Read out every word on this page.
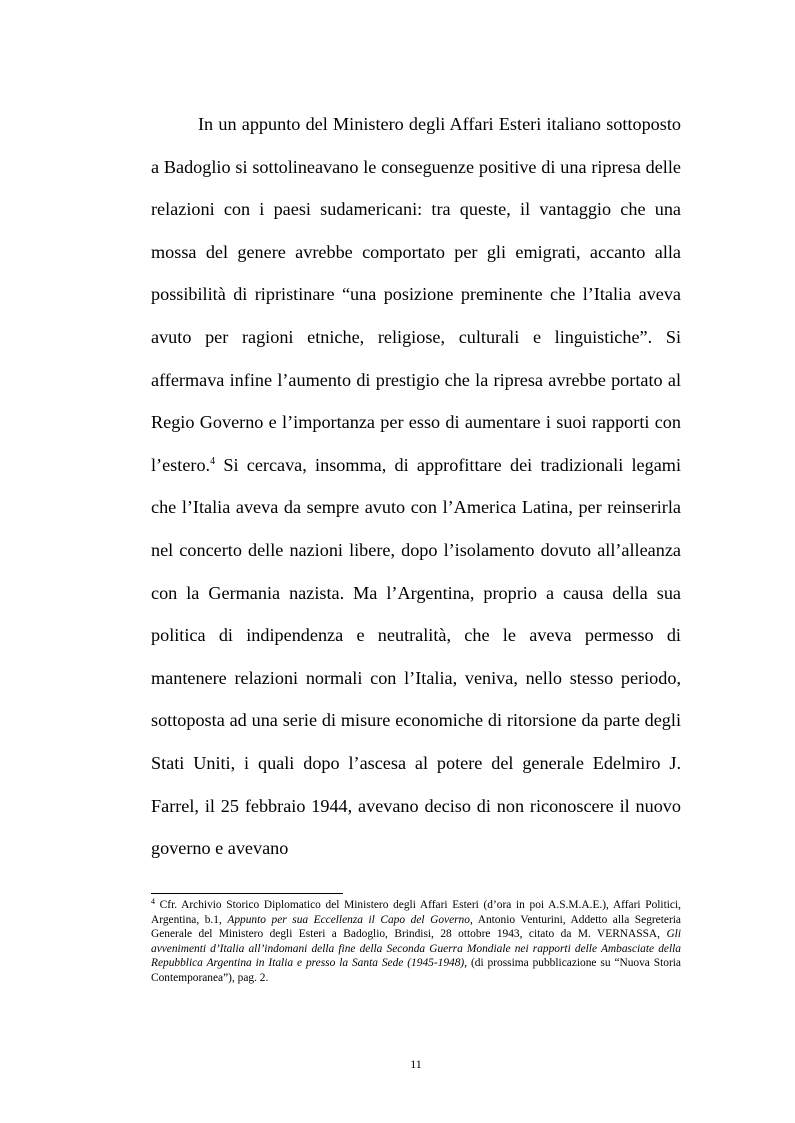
In un appunto del Ministero degli Affari Esteri italiano sottoposto a Badoglio si sottolineavano le conseguenze positive di una ripresa delle relazioni con i paesi sudamericani: tra queste, il vantaggio che una mossa del genere avrebbe comportato per gli emigrati, accanto alla possibilità di ripristinare “una posizione preminente che l’Italia aveva avuto per ragioni etniche, religiose, culturali e linguistiche”. Si affermava infine l’aumento di prestigio che la ripresa avrebbe portato al Regio Governo e l’importanza per esso di aumentare i suoi rapporti con l’estero.$^4$ Si cercava, insomma, di approfittare dei tradizionali legami che l’Italia aveva da sempre avuto con l’America Latina, per reinserirla nel concerto delle nazioni libere, dopo l’isolamento dovuto all’alleanza con la Germania nazista. Ma l’Argentina, proprio a causa della sua politica di indipendenza e neutralità, che le aveva permesso di mantenere relazioni normali con l’Italia, veniva, nello stesso periodo, sottoposta ad una serie di misure economiche di ritorsione da parte degli Stati Uniti, i quali dopo l’ascesa al potere del generale Edelmiro J. Farrel, il 25 febbraio 1944, avevano deciso di non riconoscere il nuovo governo e avevano

$^4$ Cfr. Archivio Storico Diplomatico del Ministero degli Affari Esteri (d’ora in poi A.S.M.A.E.), Affari Politici, Argentina, b.1, Appunto per sua Eccellenza il Capo del Governo, Antonio Venturini, Addetto alla Segreteria Generale del Ministero degli Esteri a Badoglio, Brindisi, 28 ottobre 1943, citato da M. VERNASSA, Gli avvenimenti d’Italia all’indomani della fine della Seconda Guerra Mondiale nei rapporti delle Ambasciate della Repubblica Argentina in Italia e presso la Santa Sede (1945-1948), (di prossima pubblicazione su “Nuova Storia Contemporanea”), pag. 2.

11
